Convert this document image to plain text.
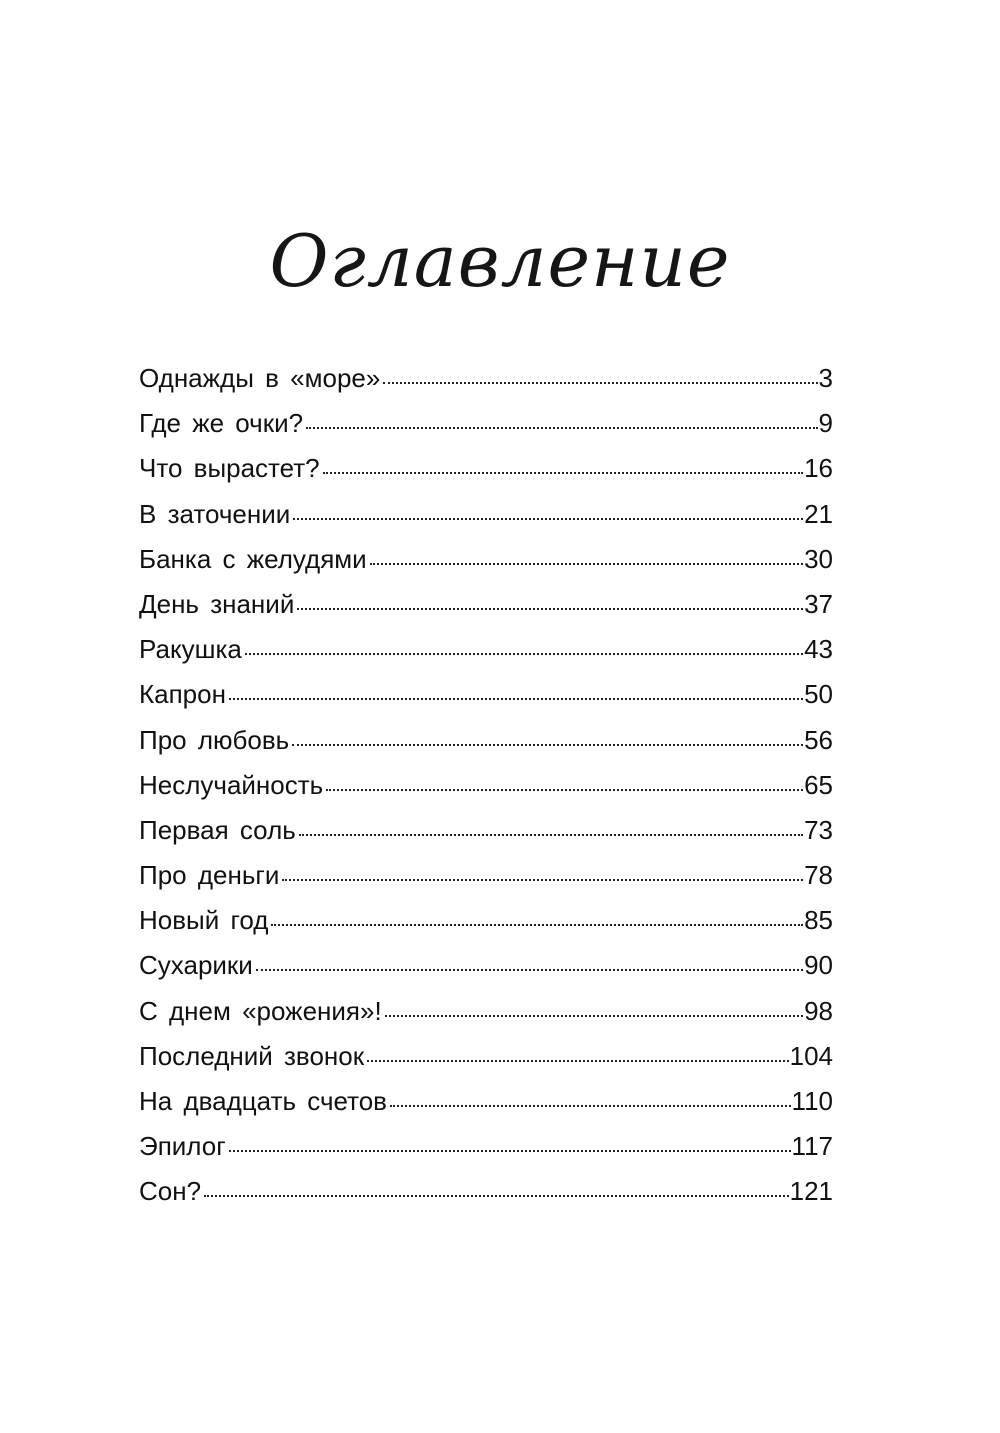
Оглавление
Однажды в «море»	3
Где же очки?	9
Что вырастет?	16
В заточении	21
Банка с желудями	30
День знаний	37
Ракушка	43
Капрон	50
Про любовь	56
Неслучайность	65
Первая соль	73
Про деньги	78
Новый год	85
Сухарики	90
С днем «рожения»!	98
Последний звонок	104
На двадцать счетов	110
Эпилог	117
Сон?	121
